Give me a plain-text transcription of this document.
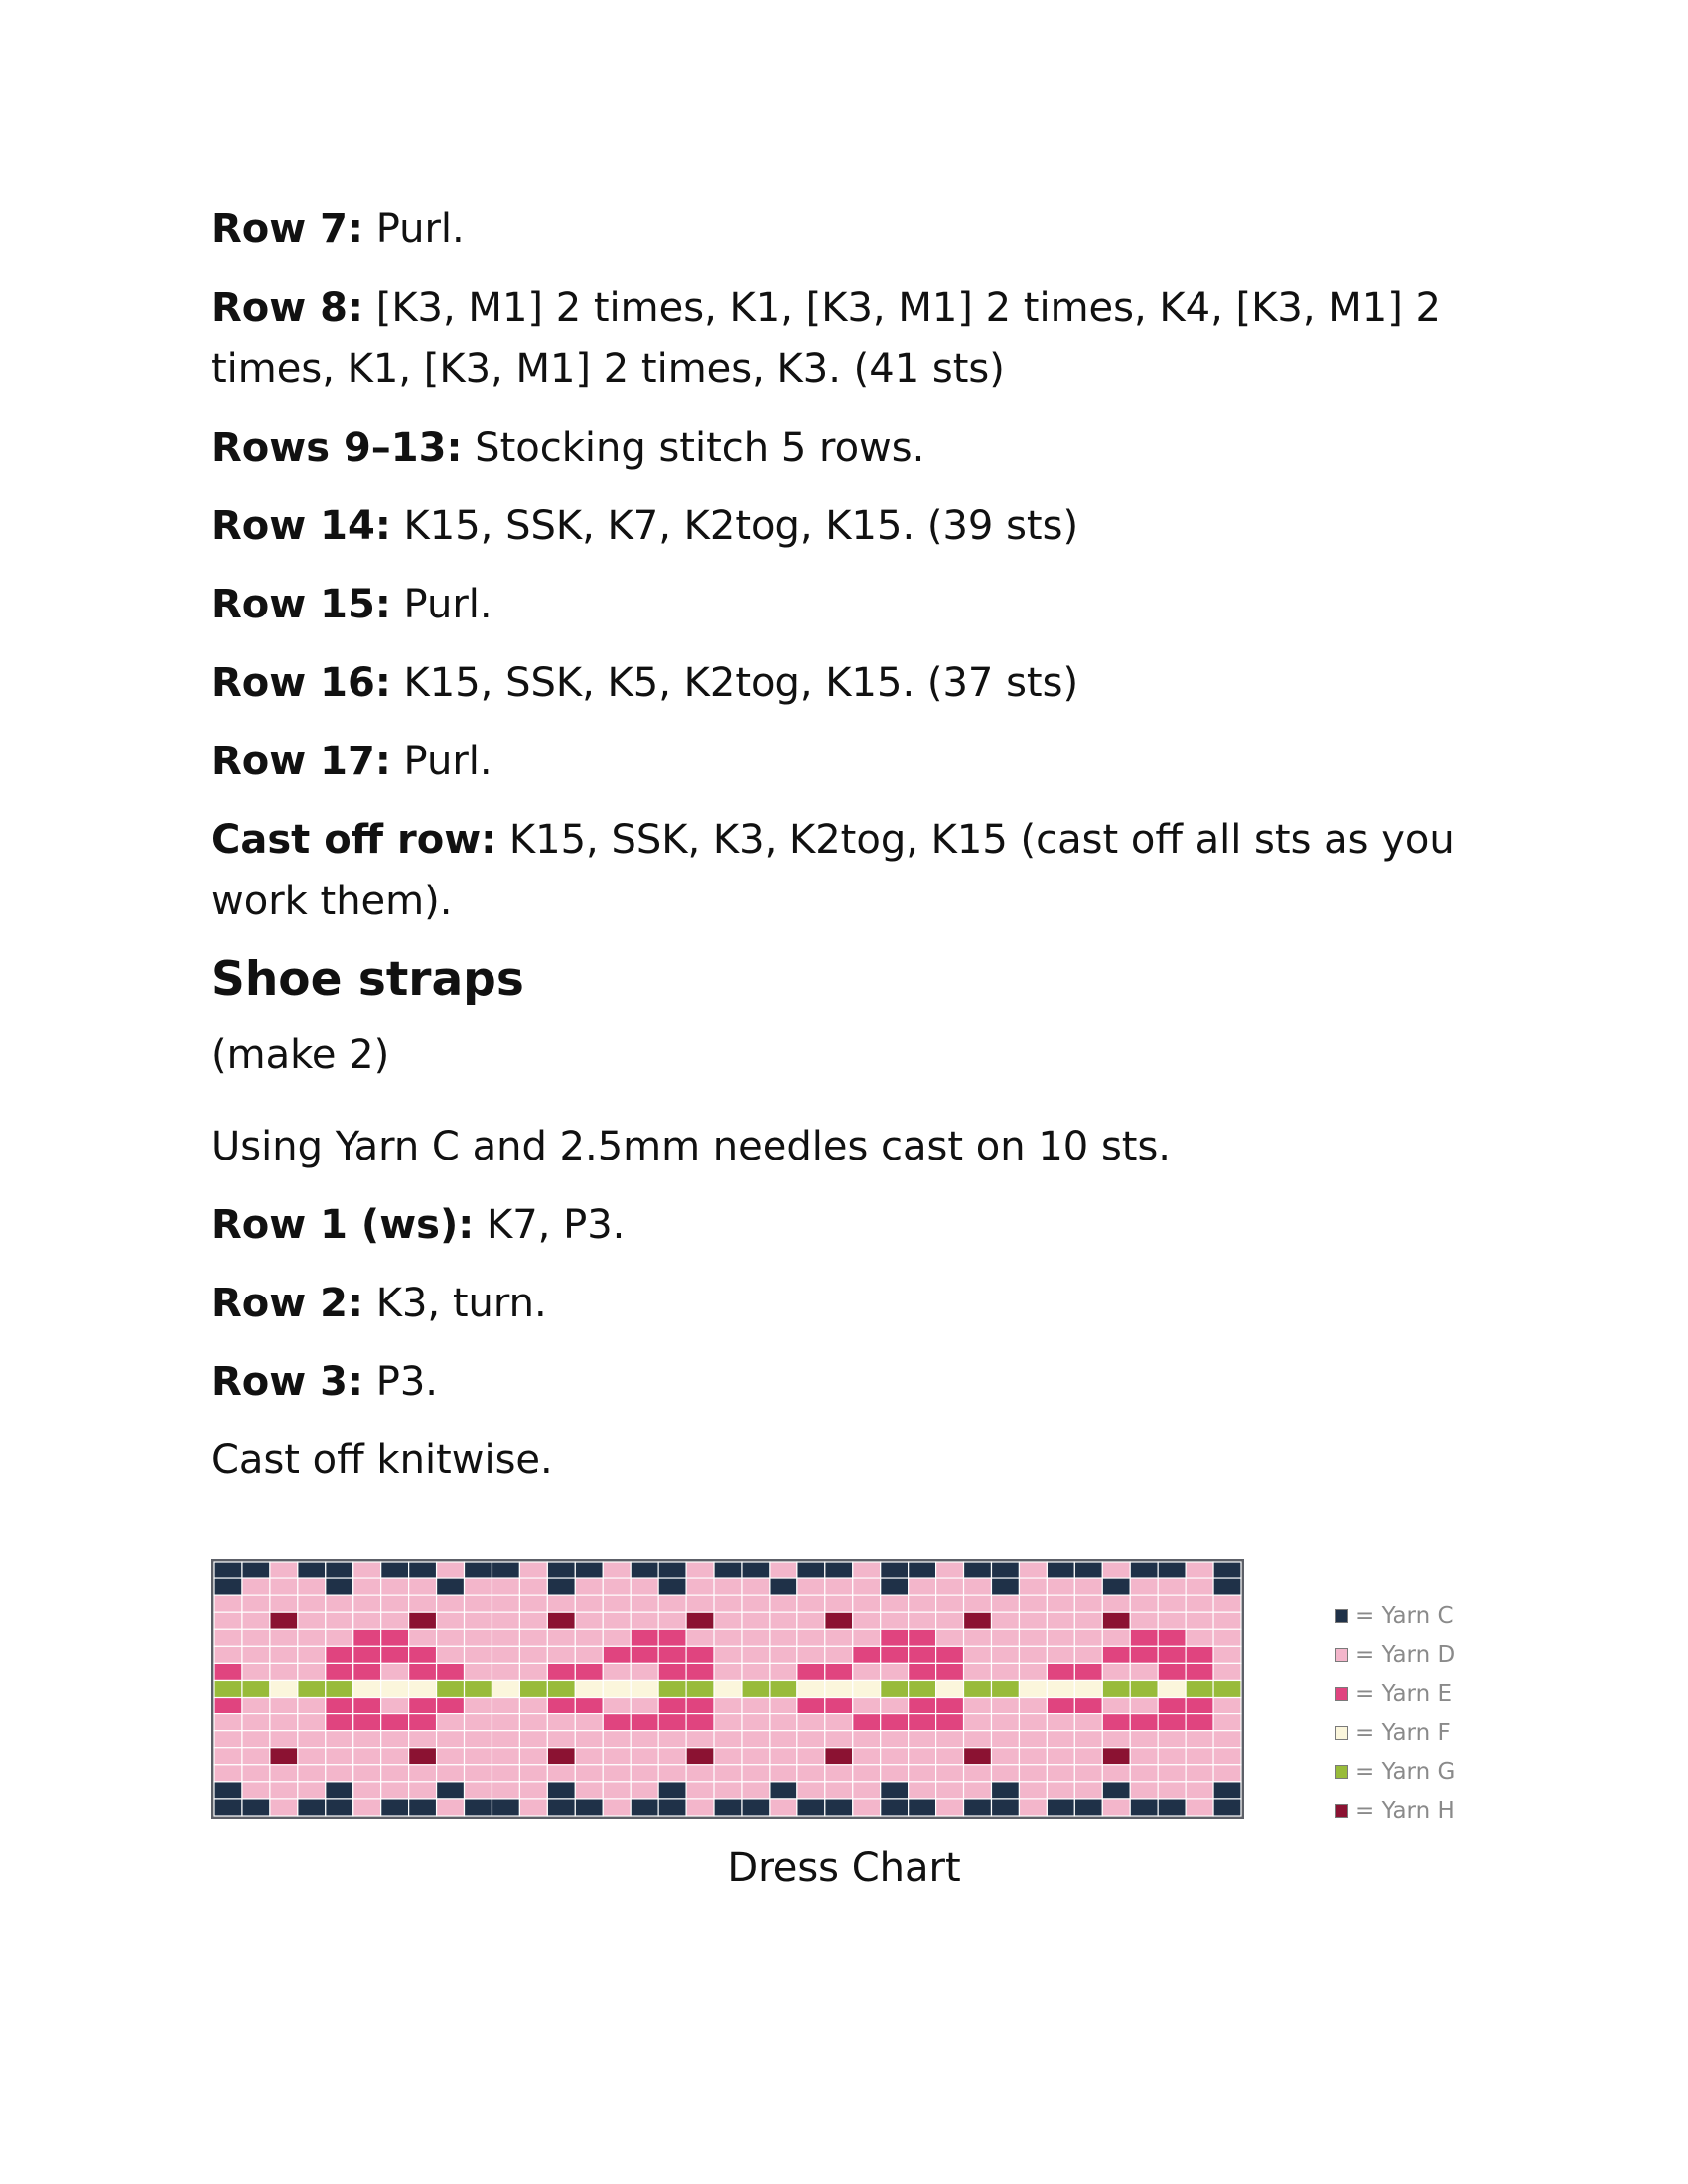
Row 7: Purl.
Row 8: [K3, M1] 2 times, K1, [K3, M1] 2 times, K4, [K3, M1] 2 times, K1, [K3, M1] 2 times, K3. (41 sts)
Rows 9–13: Stocking stitch 5 rows.
Row 14: K15, SSK, K7, K2tog, K15. (39 sts)
Row 15: Purl.
Row 16: K15, SSK, K5, K2tog, K15. (37 sts)
Row 17: Purl.
Cast off row: K15, SSK, K3, K2tog, K15 (cast off all sts as you work them).
Shoe straps
(make 2)
Using Yarn C and 2.5mm needles cast on 10 sts.
Row 1 (ws): K7, P3.
Row 2: K3, turn.
Row 3: P3.
Cast off knitwise.
= Yarn C
= Yarn D
= Yarn E
= Yarn F
= Yarn G
= Yarn H
Dress Chart
